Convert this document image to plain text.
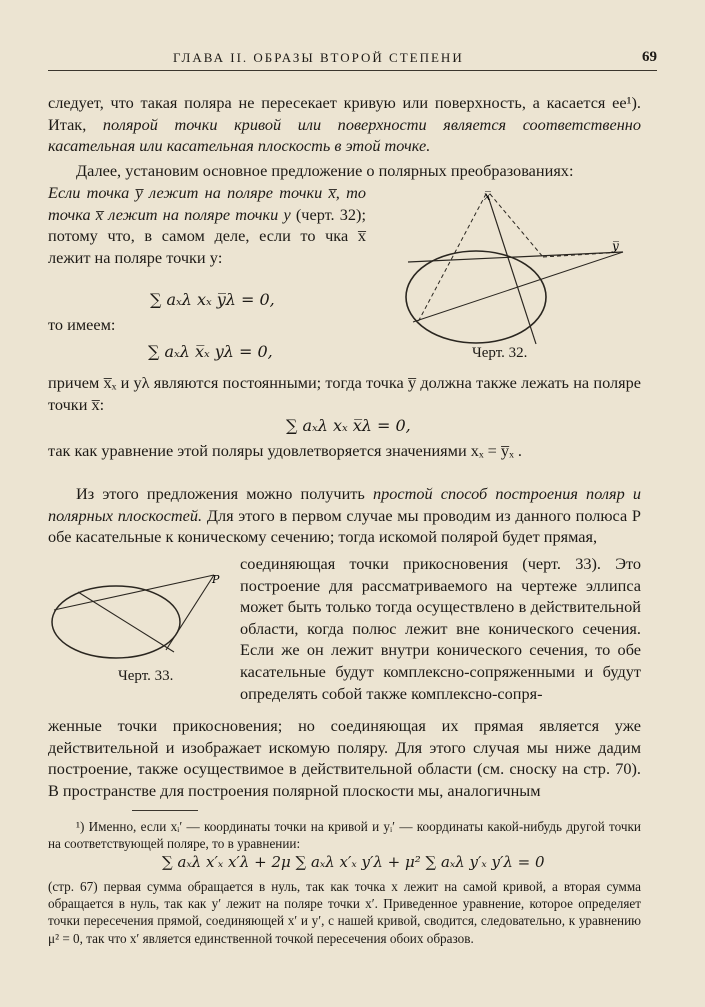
ГЛАВА II. ОБРАЗЫ ВТОРОЙ СТЕПЕНИ	69

следует, что такая поляра не пересекает кривую или поверхность, а касается ее¹). Итак, полярой точки кривой или поверхности является соответственно касательная или касательная плоскость в этой точке.

Далее, установим основное предложение о полярных преобразованиях:

Если точка y̅ лежит на поляре точки x̅, то точка x̅ лежит на поляре точки y (черт. 32); потому что, в самом деле, если то чка x̅ лежит на поляре точки y:

∑ aₓλ xₓ y̅λ = 0,

то имеем:

∑ aₓλ x̅ₓ yλ = 0,

x̅
y̅

Черт. 32.

причем x̅ₓ и yλ являются постоянными; тогда точка y̅ должна также лежать на поляре точки x̅:

∑ aₓλ xₓ x̅λ = 0,

так как уравнение этой поляры удовлетворяется значениями xₓ = y̅ₓ .

Из этого предложения можно получить простой способ построения поляр и полярных плоскостей. Для этого в первом случае мы проводим из данного полюса P обе касательные к коническому сечению; тогда искомой полярой будет прямая,

P

Черт. 33.

соединяющая точки прикосновения (черт. 33). Это построение для рассматриваемого на чертеже эллипса может быть только тогда осуществлено в действительной области, когда полюс лежит вне конического сечения. Если же он лежит внутри конического сечения, то обе касательные будут комплексно-сопряженными и будут определять собой также комплексно-сопря-

женные точки прикосновения; но соединяющая их прямая является уже действительной и изображает искомую поляру. Для этого случая мы ниже дадим построение, также осуществимое в действительной области (см. сноску на стр. 70). В пространстве для построения полярной плоскости мы, аналогичным

¹) Именно, если xᵢ′ — координаты точки на кривой и yᵢ′ — координаты какой-нибудь другой точки на соответствующей поляре, то в уравнении:

∑ aₓλ x′ₓ x′λ + 2μ ∑ aₓλ x′ₓ y′λ + μ² ∑ aₓλ y′ₓ y′λ = 0

(стр. 67) первая сумма обращается в нуль, так как точка x лежит на самой кривой, а вторая сумма обращается в нуль, так как y′ лежит на поляре точки x′. Приведенное уравнение, которое определяет точки пересечения прямой, соединяющей x′ и y′, с нашей кривой, сводится, следовательно, к уравнению μ² = 0, так что x′ является единственной точкой пересечения обоих образов.
